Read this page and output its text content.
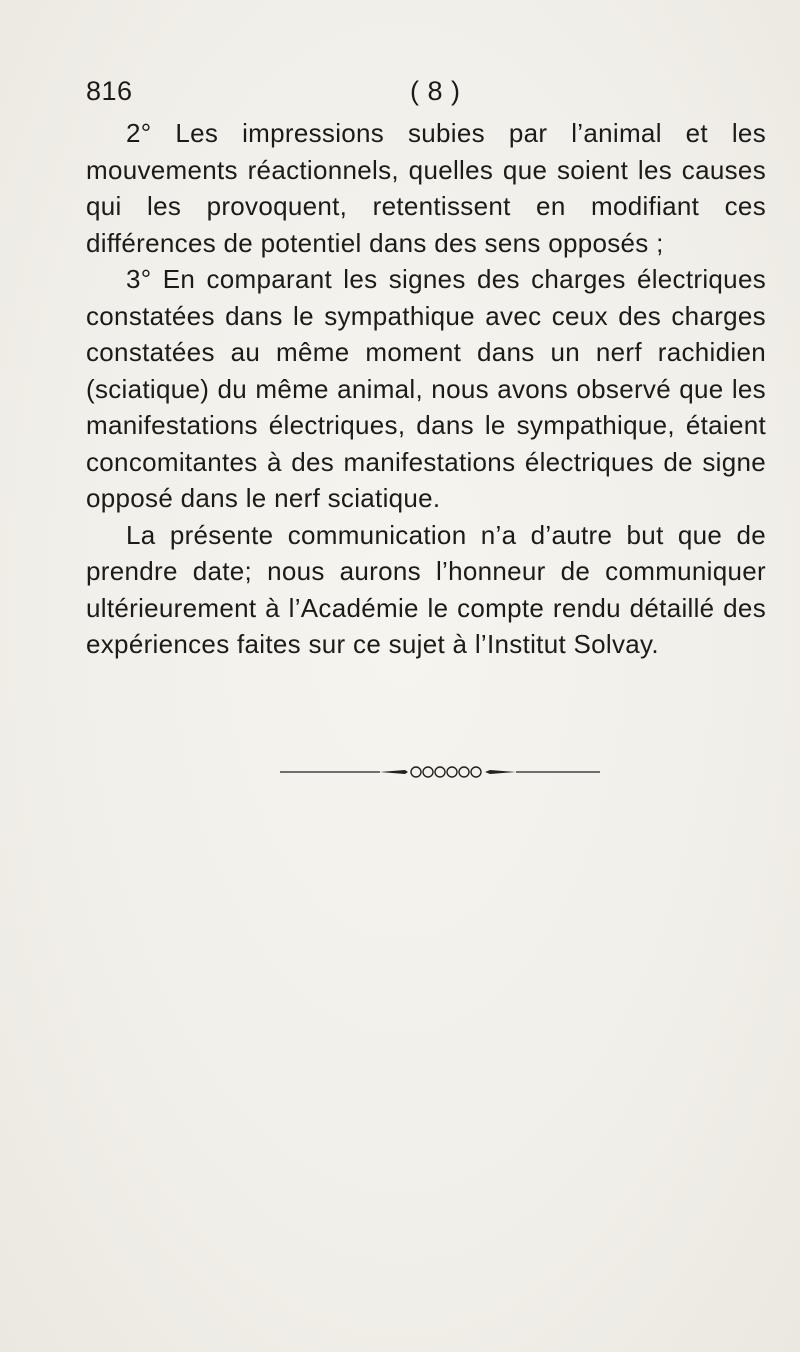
816	( 8 )

2° Les impressions subies par l’animal et les mouvements réactionnels, quelles que soient les causes qui les provoquent, retentissent en modifiant ces différences de potentiel dans des sens opposés ;

3° En comparant les signes des charges électriques constatées dans le sympathique avec ceux des charges constatées au même moment dans un nerf rachidien (sciatique) du même animal, nous avons observé que les manifestations électriques, dans le sympathique, étaient concomitantes à des manifestations électriques de signe opposé dans le nerf sciatique.

La présente communication n’a d’autre but que de prendre date; nous aurons l’honneur de communiquer ultérieurement à l’Académie le compte rendu détaillé des expériences faites sur ce sujet à l’Institut Solvay.
